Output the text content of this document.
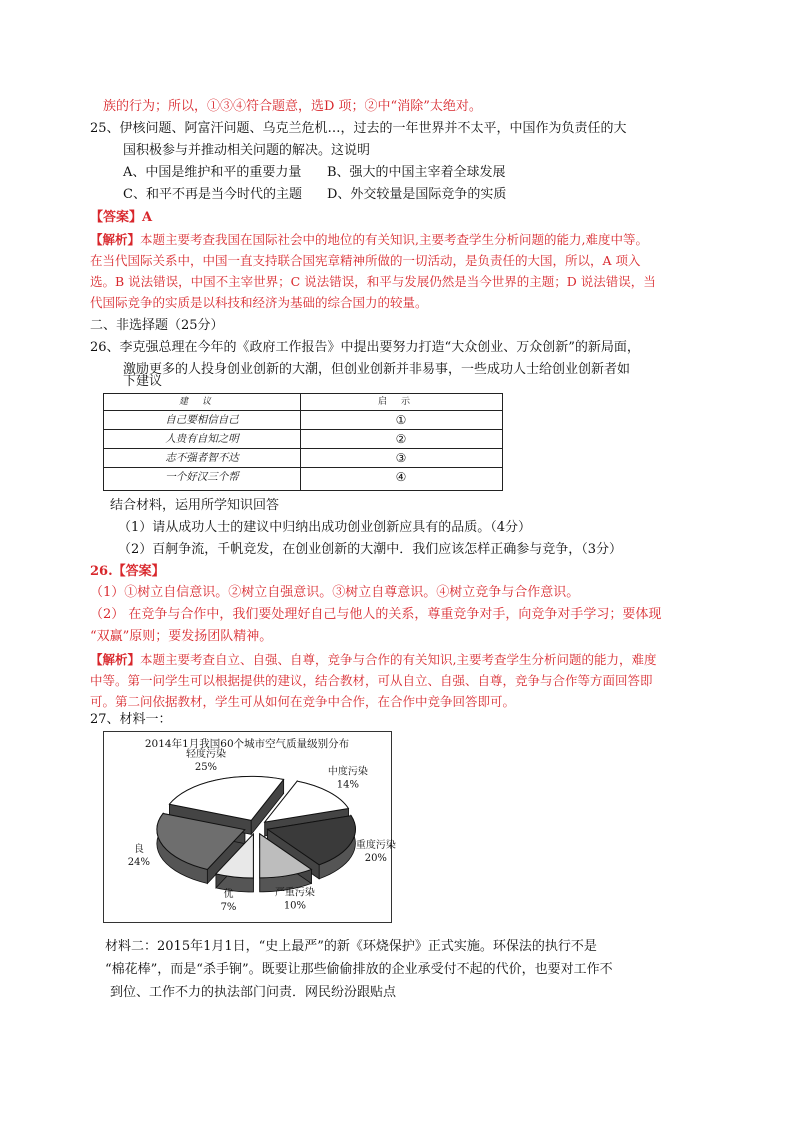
族的行为；所以，①③④符合题意，选D 项；②中“消除”太绝对。
25、伊核问题、阿富汗问题、乌克兰危机…，过去的一年世界并不太平，中国作为负责任的大
国积极参与并推动相关问题的解决。这说明
A、中国是维护和平的重要力量 B、强大的中国主宰着全球发展
C、和平不再是当今时代的主题 D、外交较量是国际竞争的实质
【答案】A
【解析】本题主要考查我国在国际社会中的地位的有关知识,主要考查学生分析问题的能力,难度中等。
在当代国际关系中，中国一直支持联合国宪章精神所做的一切活动，是负责任的大国，所以，A 项入
选。B 说法错误，中国不主宰世界；C 说法错误，和平与发展仍然是当今世界的主题；D 说法错误，当
代国际竞争的实质是以科技和经济为基础的综合国力的较量。
二、非选择题（25分）
26、李克强总理在今年的《政府工作报告》中提出要努力打造“大众创业、万众创新”的新局面，
激励更多的人投身创业创新的大潮，但创业创新并非易事，一些成功人士给创业创新者如
下建议
建议	启示
自己要相信自己	①
人贵有自知之明	②
志不强者智不达	③
一个好汉三个帮	④
结合材料，运用所学知识回答
（1）请从成功人士的建议中归纳出成功创业创新应具有的品质。（4分）
（2）百舸争流，千帆竞发，在创业创新的大潮中．我们应该怎样正确参与竞争，（3分）
26.【答案】
（1）①树立自信意识。②树立自强意识。③树立自尊意识。④树立竞争与合作意识。
（2） 在竞争与合作中，我们要处理好自己与他人的关系，尊重竞争对手，向竞争对手学习；要体现
“双赢”原则；要发扬团队精神。
【解析】本题主要考查自立、自强、自尊，竞争与合作的有关知识,主要考查学生分析问题的能力，难度
中等。第一问学生可以根据提供的建议，结合教材，可从自立、自强、自尊，竞争与合作等方面回答即
可。第二问依据教材，学生可从如何在竞争中合作，在合作中竞争回答即可。
27、材料一：
2014年1月我国60个城市空气质量级别分布
中度污染
14%
重度污染
20%
严重污染
10%
优
7%
良
24%
轻度污染
25%
材料二：2015年1月1日，“史上最严”的新《环烧保护》正式实施。环保法的执行不是
“棉花棒”，而是“杀手锏”。既要让那些偷偷排放的企业承受付不起的代价，也要对工作不
到位、工作不力的执法部门问责．网民纷汾跟贴点
